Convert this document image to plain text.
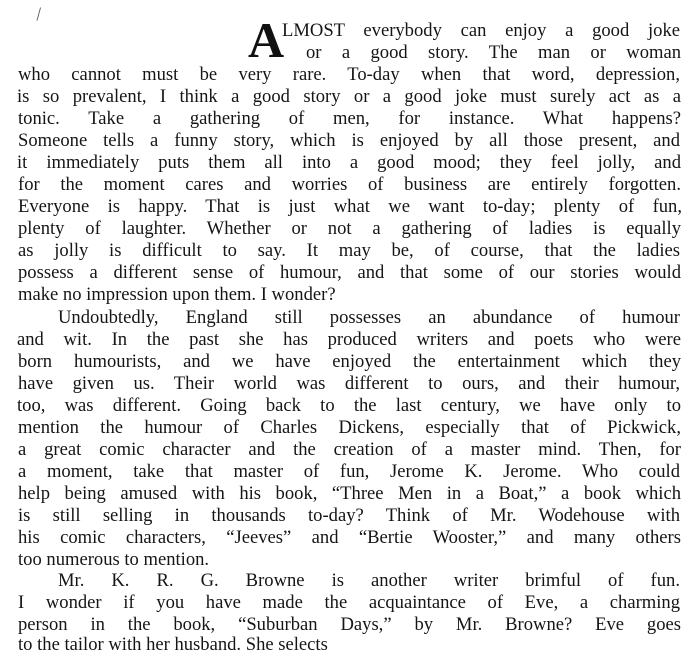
/	A
LMOST everybody can enjoy a good joke
or a good story. The man or woman
who cannot must be very rare. To-day when that word, depression,
is so prevalent, I think a good story or a good joke must surely act as a
tonic. Take a gathering of men, for instance. What happens?
Someone tells a funny story, which is enjoyed by all those present, and
it immediately puts them all into a good mood; they feel jolly, and
for the moment cares and worries of business are entirely forgotten.
Everyone is happy. That is just what we want to-day; plenty of fun,
plenty of laughter. Whether or not a gathering of ladies is equally
as jolly is difficult to say. It may be, of course, that the ladies
possess a different sense of humour, and that some of our stories would
make no impression upon them. I wonder?
Undoubtedly, England still possesses an abundance of humour
and wit. In the past she has produced writers and poets who were
born humourists, and we have enjoyed the entertainment which they
have given us. Their world was different to ours, and their humour,
too, was different. Going back to the last century, we have only to
mention the humour of Charles Dickens, especially that of Pickwick,
a great comic character and the creation of a master mind. Then, for
a moment, take that master of fun, Jerome K. Jerome. Who could
help being amused with his book, “Three Men in a Boat,” a book which
is still selling in thousands to-day? Think of Mr. Wodehouse with
his comic characters, “Jeeves” and “Bertie Wooster,” and many others
too numerous to mention.
Mr. K. R. G. Browne is another writer brimful of fun.
I wonder if you have made the acquaintance of Eve, a charming
person in the book, “Suburban Days,” by Mr. Browne? Eve goes
to the tailor with her husband. She selects
